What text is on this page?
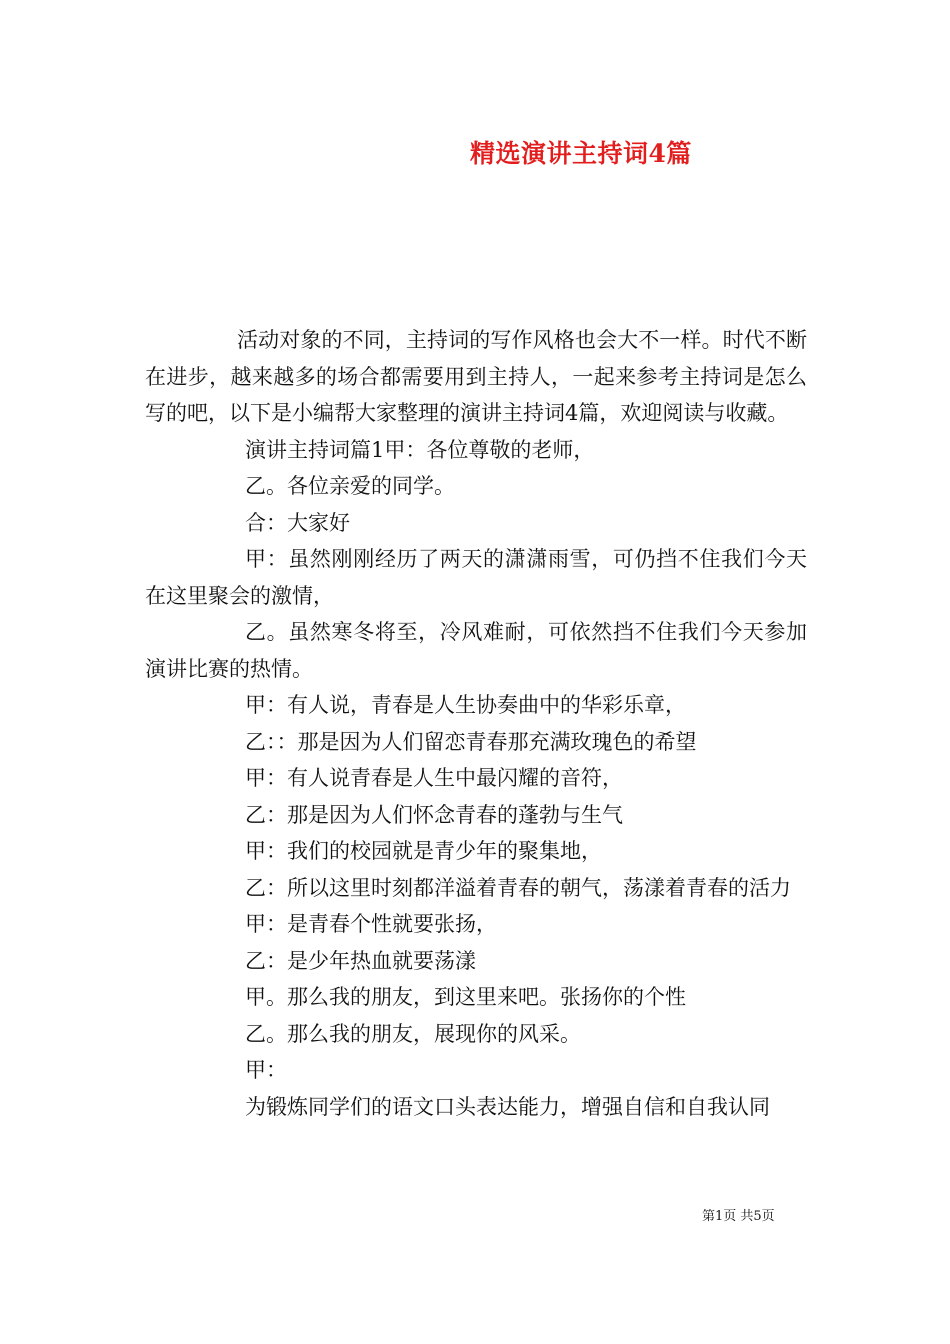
精选演讲主持词4篇

活动对象的不同，主持词的写作风格也会大不一样。时代不断在进步，越来越多的场合都需要用到主持人，一起来参考主持词是怎么写的吧，以下是小编帮大家整理的演讲主持词4篇，欢迎阅读与收藏。

演讲主持词篇1甲：各位尊敬的老师，

乙。各位亲爱的同学。

合：大家好

甲：虽然刚刚经历了两天的潇潇雨雪，可仍挡不住我们今天在这里聚会的激情，

乙。虽然寒冬将至，冷风难耐，可依然挡不住我们今天参加演讲比赛的热情。

甲：有人说，青春是人生协奏曲中的华彩乐章，

乙：：那是因为人们留恋青春那充满玫瑰色的希望

甲：有人说青春是人生中最闪耀的音符，

乙：那是因为人们怀念青春的蓬勃与生气

甲：我们的校园就是青少年的聚集地，

乙：所以这里时刻都洋溢着青春的朝气，荡漾着青春的活力

甲：是青春个性就要张扬，

乙：是少年热血就要荡漾

甲。那么我的朋友，到这里来吧。张扬你的个性

乙。那么我的朋友，展现你的风采。

甲：

为锻炼同学们的语文口头表达能力，增强自信和自我认同

第1页 共5页
